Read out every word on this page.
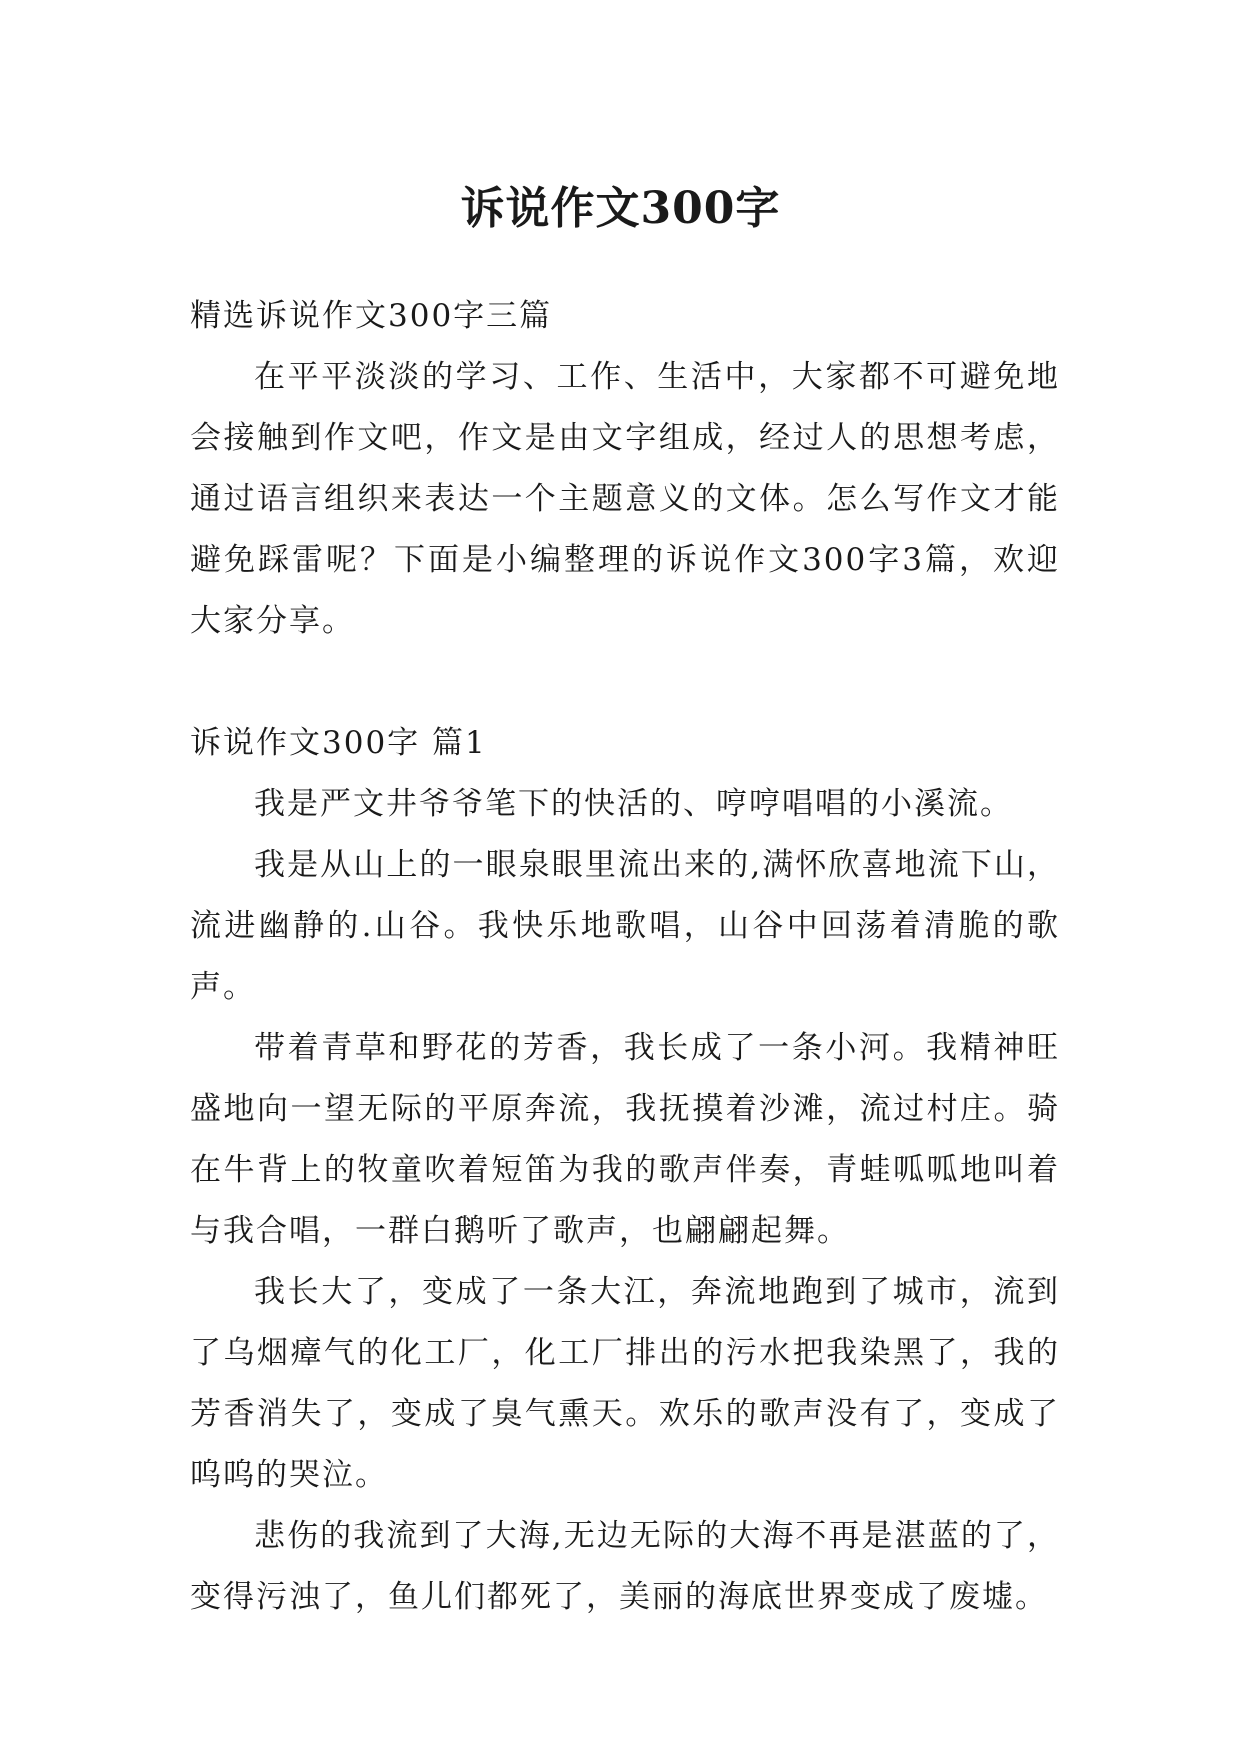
诉说作文300字

精选诉说作文300字三篇

在平平淡淡的学习、工作、生活中，大家都不可避免地会接触到作文吧，作文是由文字组成，经过人的思想考虑，通过语言组织来表达一个主题意义的文体。怎么写作文才能避免踩雷呢？下面是小编整理的诉说作文300字3篇，欢迎大家分享。

诉说作文300字 篇1

我是严文井爷爷笔下的快活的、哼哼唱唱的小溪流。

我是从山上的一眼泉眼里流出来的,满怀欣喜地流下山，流进幽静的.山谷。我快乐地歌唱，山谷中回荡着清脆的歌声。

带着青草和野花的芳香，我长成了一条小河。我精神旺盛地向一望无际的平原奔流，我抚摸着沙滩，流过村庄。骑在牛背上的牧童吹着短笛为我的歌声伴奏，青蛙呱呱地叫着与我合唱，一群白鹅听了歌声，也翩翩起舞。

我长大了，变成了一条大江，奔流地跑到了城市，流到了乌烟瘴气的化工厂，化工厂排出的污水把我染黑了，我的芳香消失了，变成了臭气熏天。欢乐的歌声没有了，变成了呜呜的哭泣。

悲伤的我流到了大海,无边无际的大海不再是湛蓝的了，变得污浊了，鱼儿们都死了，美丽的海底世界变成了废墟。
